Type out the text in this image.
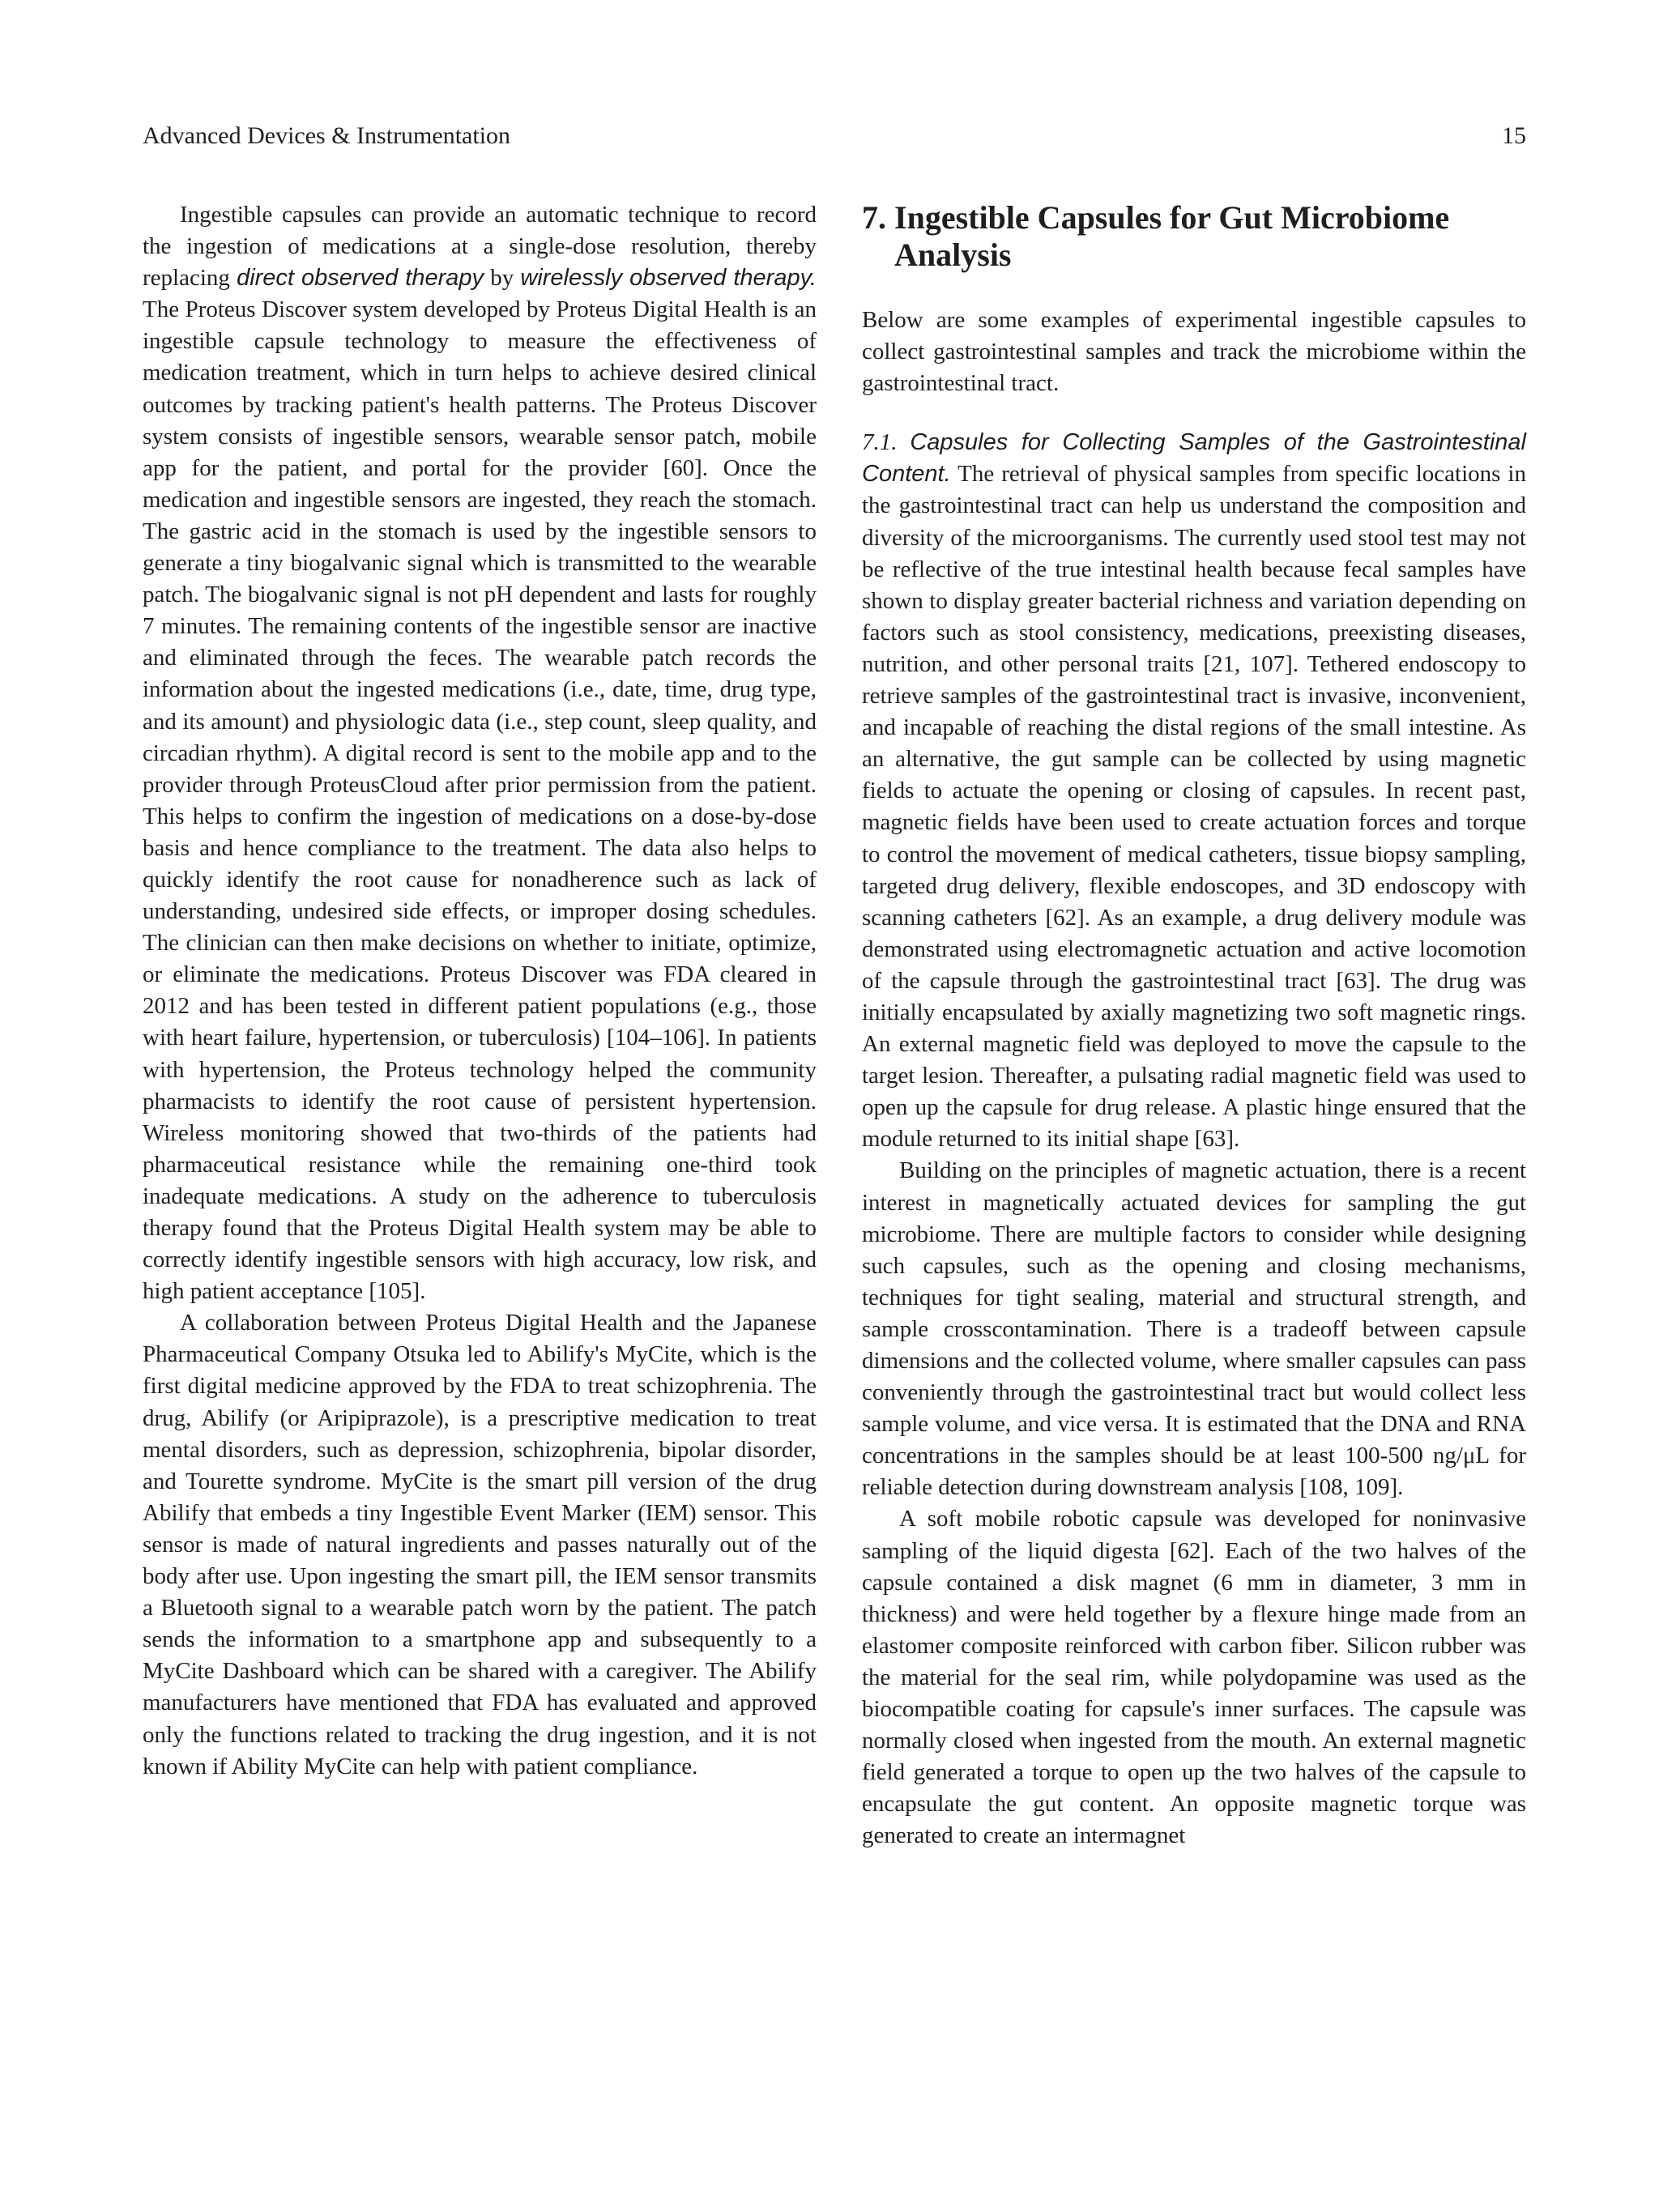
Advanced Devices & Instrumentation	15

Ingestible capsules can provide an automatic technique to record the ingestion of medications at a single-dose resolution, thereby replacing direct observed therapy by wirelessly observed therapy. The Proteus Discover system developed by Proteus Digital Health is an ingestible capsule technology to measure the effectiveness of medication treatment, which in turn helps to achieve desired clinical outcomes by tracking patient's health patterns. The Proteus Discover system consists of ingestible sensors, wearable sensor patch, mobile app for the patient, and portal for the provider [60]. Once the medication and ingestible sensors are ingested, they reach the stomach. The gastric acid in the stomach is used by the ingestible sensors to generate a tiny biogalvanic signal which is transmitted to the wearable patch. The biogalvanic signal is not pH dependent and lasts for roughly 7 minutes. The remaining contents of the ingestible sensor are inactive and eliminated through the feces. The wearable patch records the information about the ingested medications (i.e., date, time, drug type, and its amount) and physiologic data (i.e., step count, sleep quality, and circadian rhythm). A digital record is sent to the mobile app and to the provider through ProteusCloud after prior permission from the patient. This helps to confirm the ingestion of medications on a dose-by-dose basis and hence compliance to the treatment. The data also helps to quickly identify the root cause for nonadherence such as lack of understanding, undesired side effects, or improper dosing schedules. The clinician can then make decisions on whether to initiate, optimize, or eliminate the medications. Proteus Discover was FDA cleared in 2012 and has been tested in different patient populations (e.g., those with heart failure, hypertension, or tuberculosis) [104–106]. In patients with hypertension, the Proteus technology helped the community pharmacists to identify the root cause of persistent hypertension. Wireless monitoring showed that two-thirds of the patients had pharmaceutical resistance while the remaining one-third took inadequate medications. A study on the adherence to tuberculosis therapy found that the Proteus Digital Health system may be able to correctly identify ingestible sensors with high accuracy, low risk, and high patient acceptance [105].

A collaboration between Proteus Digital Health and the Japanese Pharmaceutical Company Otsuka led to Abilify's MyCite, which is the first digital medicine approved by the FDA to treat schizophrenia. The drug, Abilify (or Aripiprazole), is a prescriptive medication to treat mental disorders, such as depression, schizophrenia, bipolar disorder, and Tourette syndrome. MyCite is the smart pill version of the drug Abilify that embeds a tiny Ingestible Event Marker (IEM) sensor. This sensor is made of natural ingredients and passes naturally out of the body after use. Upon ingesting the smart pill, the IEM sensor transmits a Bluetooth signal to a wearable patch worn by the patient. The patch sends the information to a smartphone app and subsequently to a MyCite Dashboard which can be shared with a caregiver. The Abilify manufacturers have mentioned that FDA has evaluated and approved only the functions related to tracking the drug ingestion, and it is not known if Ability MyCite can help with patient compliance.

7. Ingestible Capsules for Gut Microbiome Analysis

Below are some examples of experimental ingestible capsules to collect gastrointestinal samples and track the microbiome within the gastrointestinal tract.

7.1. Capsules for Collecting Samples of the Gastrointestinal Content. The retrieval of physical samples from specific locations in the gastrointestinal tract can help us understand the composition and diversity of the microorganisms. The currently used stool test may not be reflective of the true intestinal health because fecal samples have shown to display greater bacterial richness and variation depending on factors such as stool consistency, medications, preexisting diseases, nutrition, and other personal traits [21, 107]. Tethered endoscopy to retrieve samples of the gastrointestinal tract is invasive, inconvenient, and incapable of reaching the distal regions of the small intestine. As an alternative, the gut sample can be collected by using magnetic fields to actuate the opening or closing of capsules. In recent past, magnetic fields have been used to create actuation forces and torque to control the movement of medical catheters, tissue biopsy sampling, targeted drug delivery, flexible endoscopes, and 3D endoscopy with scanning catheters [62]. As an example, a drug delivery module was demonstrated using electromagnetic actuation and active locomotion of the capsule through the gastrointestinal tract [63]. The drug was initially encapsulated by axially magnetizing two soft magnetic rings. An external magnetic field was deployed to move the capsule to the target lesion. Thereafter, a pulsating radial magnetic field was used to open up the capsule for drug release. A plastic hinge ensured that the module returned to its initial shape [63].

Building on the principles of magnetic actuation, there is a recent interest in magnetically actuated devices for sampling the gut microbiome. There are multiple factors to consider while designing such capsules, such as the opening and closing mechanisms, techniques for tight sealing, material and structural strength, and sample crosscontamination. There is a tradeoff between capsule dimensions and the collected volume, where smaller capsules can pass conveniently through the gastrointestinal tract but would collect less sample volume, and vice versa. It is estimated that the DNA and RNA concentrations in the samples should be at least 100-500 ng/μL for reliable detection during downstream analysis [108, 109].

A soft mobile robotic capsule was developed for noninvasive sampling of the liquid digesta [62]. Each of the two halves of the capsule contained a disk magnet (6 mm in diameter, 3 mm in thickness) and were held together by a flexure hinge made from an elastomer composite reinforced with carbon fiber. Silicon rubber was the material for the seal rim, while polydopamine was used as the biocompatible coating for capsule's inner surfaces. The capsule was normally closed when ingested from the mouth. An external magnetic field generated a torque to open up the two halves of the capsule to encapsulate the gut content. An opposite magnetic torque was generated to create an intermagnet
